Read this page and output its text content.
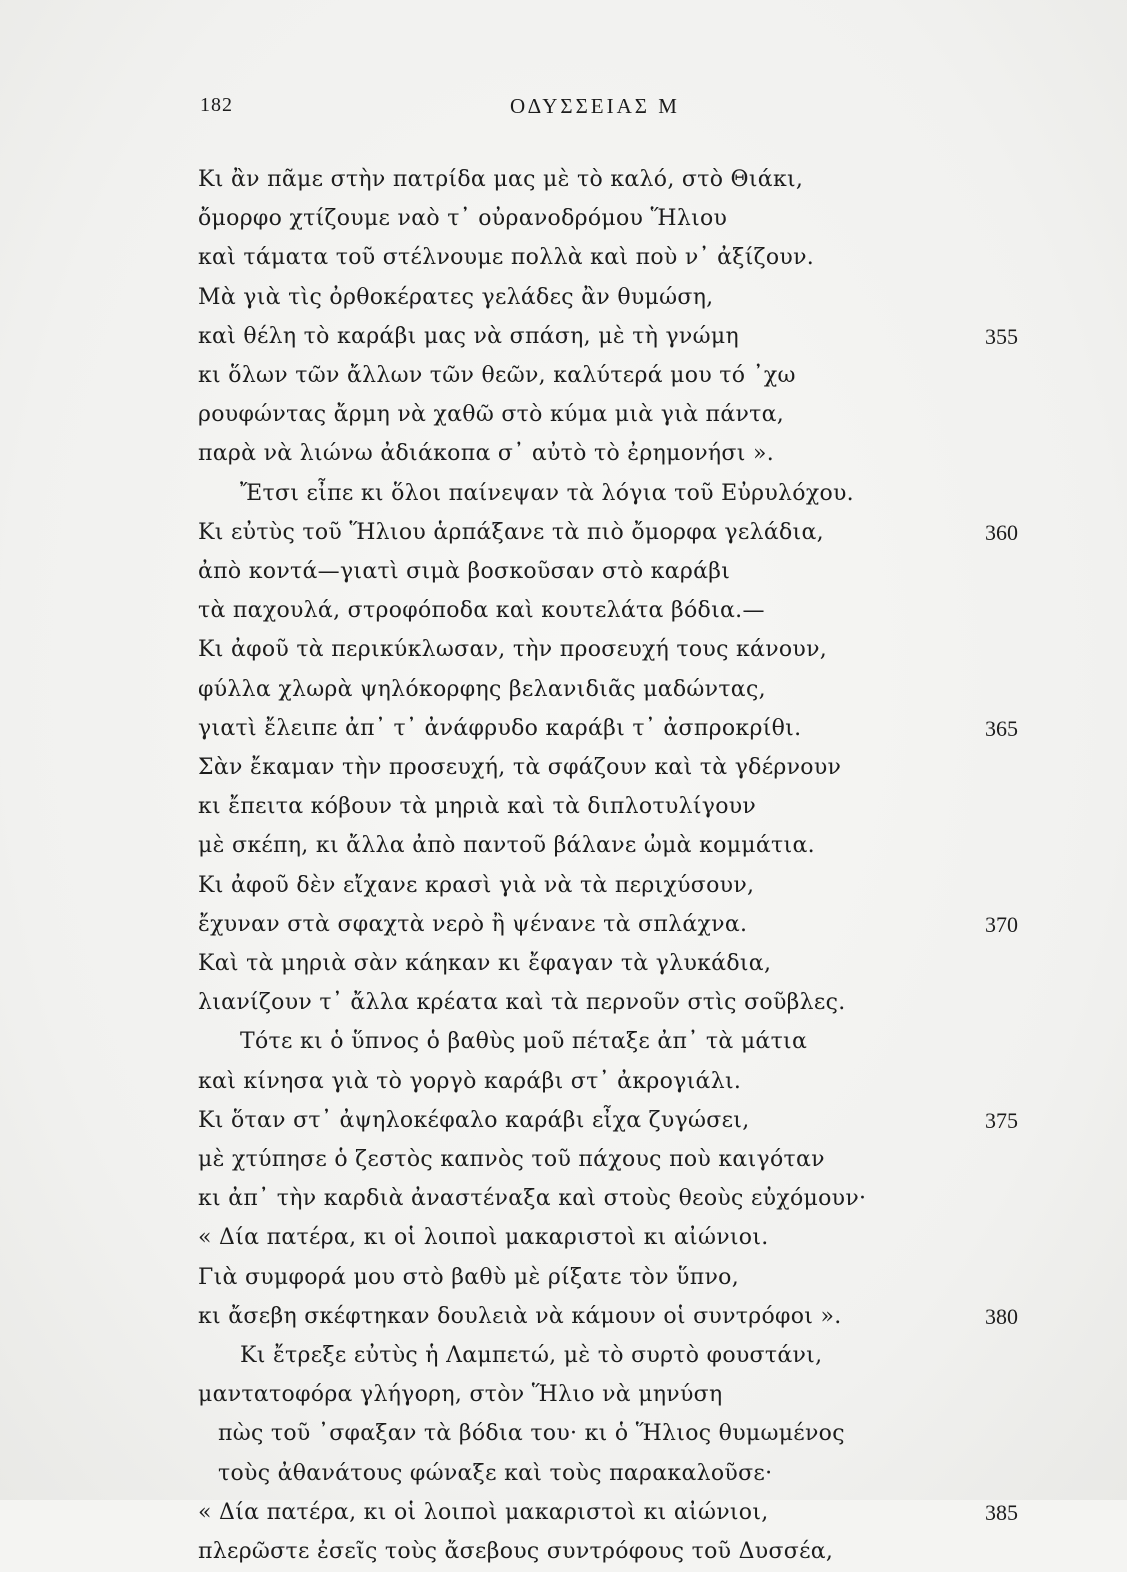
182	ΟΔΥΣΣΕΙΑΣ Μ
Κι ἂν πᾶμε στὴν πατρίδα μας μὲ τὸ καλό, στὸ Θιάκι,
ὄμορφο χτίζουμε ναὸ τ᾿ οὐρανοδρόμου Ἥλιου
καὶ τάματα τοῦ στέλνουμε πολλὰ καὶ ποὺ ν᾿ ἀξίζουν.
Μὰ γιὰ τὶς ὀρθοκέρατες γελάδες ἂν θυμώση,
καὶ θέλη τὸ καράβι μας νὰ σπάση, μὲ τὴ γνώμη	355
κι ὅλων τῶν ἄλλων τῶν θεῶν, καλύτερά μου τό ᾿χω
ρουφώντας ἄρμη νὰ χαθῶ στὸ κύμα μιὰ γιὰ πάντα,
παρὰ νὰ λιώνω ἀδιάκοπα σ᾿ αὐτὸ τὸ ἐρημονήσι ».
Ἔτσι εἶπε κι ὅλοι παίνεψαν τὰ λόγια τοῦ Εὐρυλόχου.
Κι εὐτὺς τοῦ Ἥλιου ἁρπάξανε τὰ πιὸ ὄμορφα γελάδια,	360
ἀπὸ κοντά—γιατὶ σιμὰ βοσκοῦσαν στὸ καράβι
τὰ παχουλά, στροφόποδα καὶ κουτελάτα βόδια.—
Κι ἀφοῦ τὰ περικύκλωσαν, τὴν προσευχή τους κάνουν,
φύλλα χλωρὰ ψηλόκορφης βελανιδιᾶς μαδώντας,
γιατὶ ἔλειπε ἀπ᾿ τ᾿ ἀνάφρυδο καράβι τ᾿ ἀσπροκρίθι.	365
Σὰν ἔκαμαν τὴν προσευχή, τὰ σφάζουν καὶ τὰ γδέρνουν
κι ἔπειτα κόβουν τὰ μηριὰ καὶ τὰ διπλοτυλίγουν
μὲ σκέπη, κι ἄλλα ἀπὸ παντοῦ βάλανε ὠμὰ κομμάτια.
Κι ἀφοῦ δὲν εἴχανε κρασὶ γιὰ νὰ τὰ περιχύσουν,
ἔχυναν στὰ σφαχτὰ νερὸ ἢ ψένανε τὰ σπλάχνα.	370
Καὶ τὰ μηριὰ σὰν κάηκαν κι ἔφαγαν τὰ γλυκάδια,
λιανίζουν τ᾿ ἄλλα κρέατα καὶ τὰ περνοῦν στὶς σοῦβλες.
Τότε κι ὁ ὕπνος ὁ βαθὺς μοῦ πέταξε ἀπ᾿ τὰ μάτια
καὶ κίνησα γιὰ τὸ γοργὸ καράβι στ᾿ ἀκρογιάλι.
Κι ὅταν στ᾿ ἀψηλοκέφαλο καράβι εἶχα ζυγώσει,	375
μὲ χτύπησε ὁ ζεστὸς καπνὸς τοῦ πάχους ποὺ καιγόταν
κι ἀπ᾿ τὴν καρδιὰ ἀναστέναξα καὶ στοὺς θεοὺς εὐχόμουν·
« Δία πατέρα, κι οἱ λοιποὶ μακαριστοὶ κι αἰώνιοι.
Γιὰ συμφορά μου στὸ βαθὺ μὲ ρίξατε τὸν ὕπνο,
κι ἄσεβη σκέφτηκαν δουλειὰ νὰ κάμουν οἱ συντρόφοι ».	380
Κι ἔτρεξε εὐτὺς ἡ Λαμπετώ, μὲ τὸ συρτὸ φουστάνι,
μαντατοφόρα γλήγορη, στὸν Ἥλιο νὰ μηνύση
πὼς τοῦ ᾿σφαξαν τὰ βόδια του· κι ὁ Ἥλιος θυμωμένος
τοὺς ἀθανάτους φώναξε καὶ τοὺς παρακαλοῦσε·
« Δία πατέρα, κι οἱ λοιποὶ μακαριστοὶ κι αἰώνιοι,	385
πλερῶστε ἐσεῖς τοὺς ἄσεβους συντρόφους τοῦ Δυσσέα,
